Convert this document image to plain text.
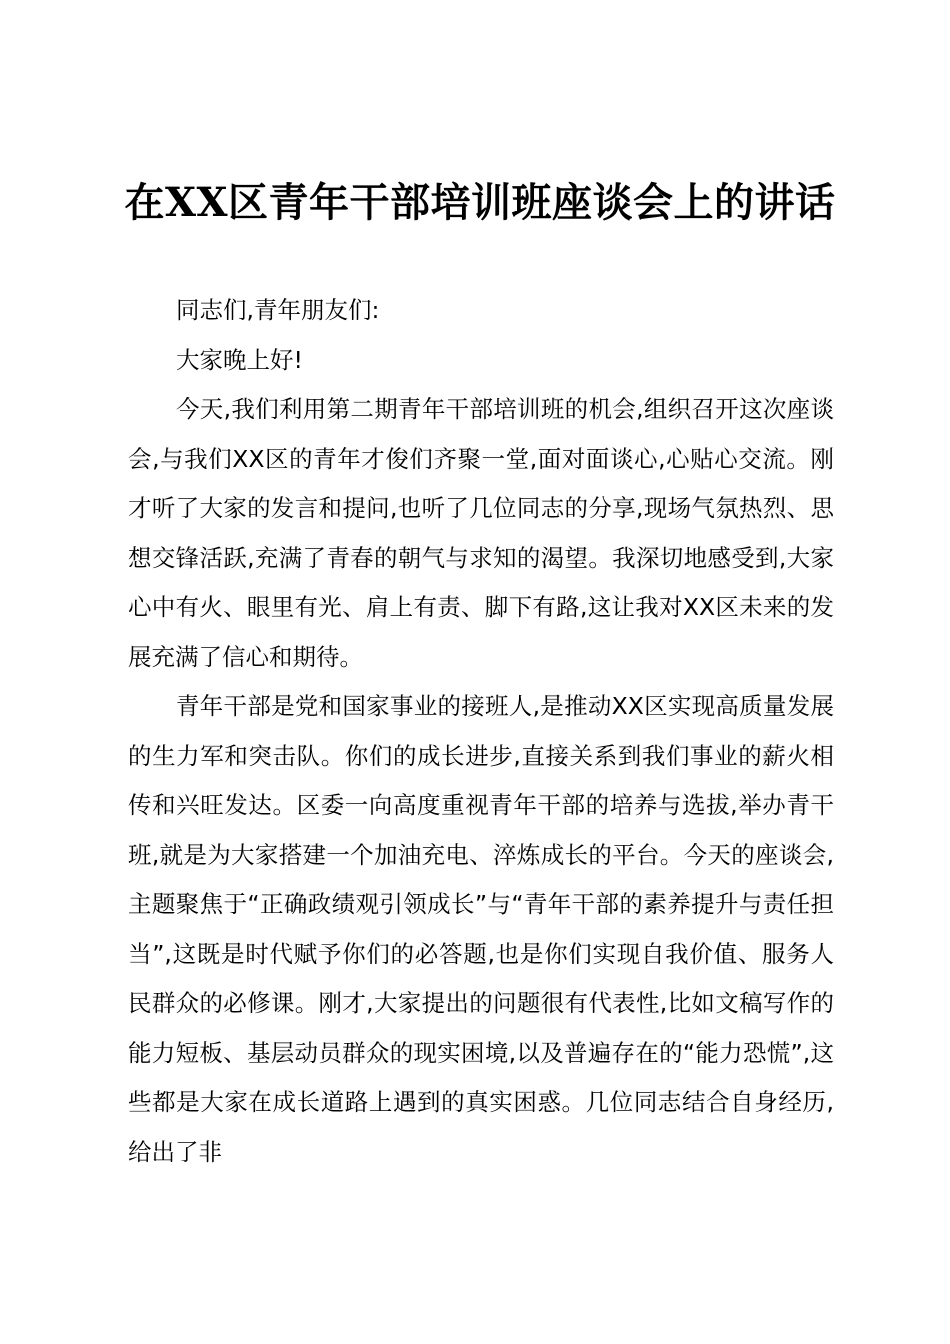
在XX区青年干部培训班座谈会上的讲话

同志们,青年朋友们:

大家晚上好!

今天,我们利用第二期青年干部培训班的机会,组织召开这次座谈会,与我们XX区的青年才俊们齐聚一堂,面对面谈心,心贴心交流。刚才听了大家的发言和提问,也听了几位同志的分享,现场气氛热烈、思想交锋活跃,充满了青春的朝气与求知的渴望。我深切地感受到,大家心中有火、眼里有光、肩上有责、脚下有路,这让我对XX区未来的发展充满了信心和期待。

青年干部是党和国家事业的接班人,是推动XX区实现高质量发展的生力军和突击队。你们的成长进步,直接关系到我们事业的薪火相传和兴旺发达。区委一向高度重视青年干部的培养与选拔,举办青干班,就是为大家搭建一个加油充电、淬炼成长的平台。今天的座谈会,主题聚焦于“正确政绩观引领成长”与“青年干部的素养提升与责任担当”,这既是时代赋予你们的必答题,也是你们实现自我价值、服务人民群众的必修课。刚才,大家提出的问题很有代表性,比如文稿写作的能力短板、基层动员群众的现实困境,以及普遍存在的“能力恐慌”,这些都是大家在成长道路上遇到的真实困惑。几位同志结合自身经历,给出了非
